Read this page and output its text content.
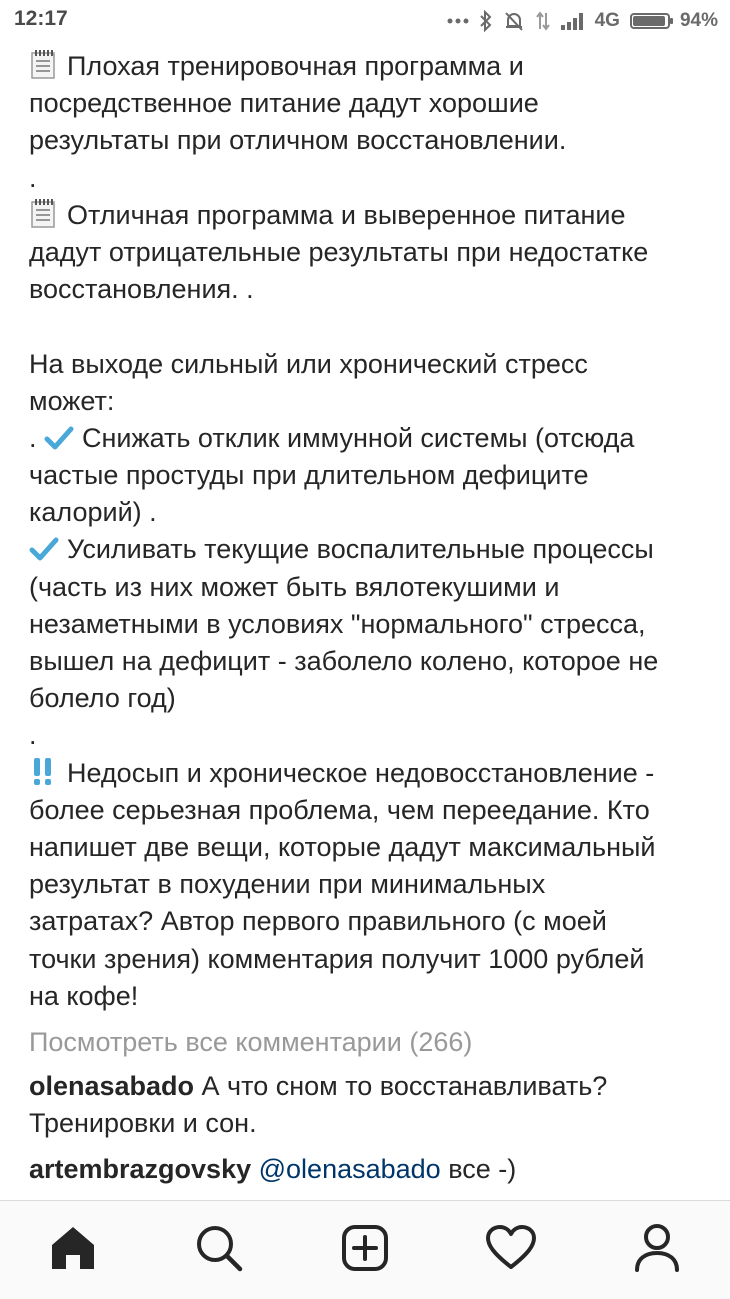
12:17	4G	94%
Плохая тренировочная программа и
посредственное питание дадут хорошие
результаты при отличном восстановлении.
.
Отличная программа и выверенное питание
дадут отрицательные результаты при недостатке
восстановления. .
На выходе сильный или хронический стресс
может:
. Снижать отклик иммунной системы (отсюда
частые простуды при длительном дефиците
калорий) .
Усиливать текущие воспалительные процессы
(часть из них может быть вялотекушими и
незаметными в условиях "нормального" стресса,
вышел на дефицит - заболело колено, которое не
болело год)
.
Недосып и хроническое недовосстановление -
более серьезная проблема, чем переедание. Кто
напишет две вещи, которые дадут максимальный
результат в похудении при минимальных
затратах? Автор первого правильного (с моей
точки зрения) комментария получит 1000 рублей
на кофе!
Посмотреть все комментарии (266)
olenasabado А что сном то восстанавливать?
Тренировки и сон.
artembrazgovsky @olenasabado все -)
